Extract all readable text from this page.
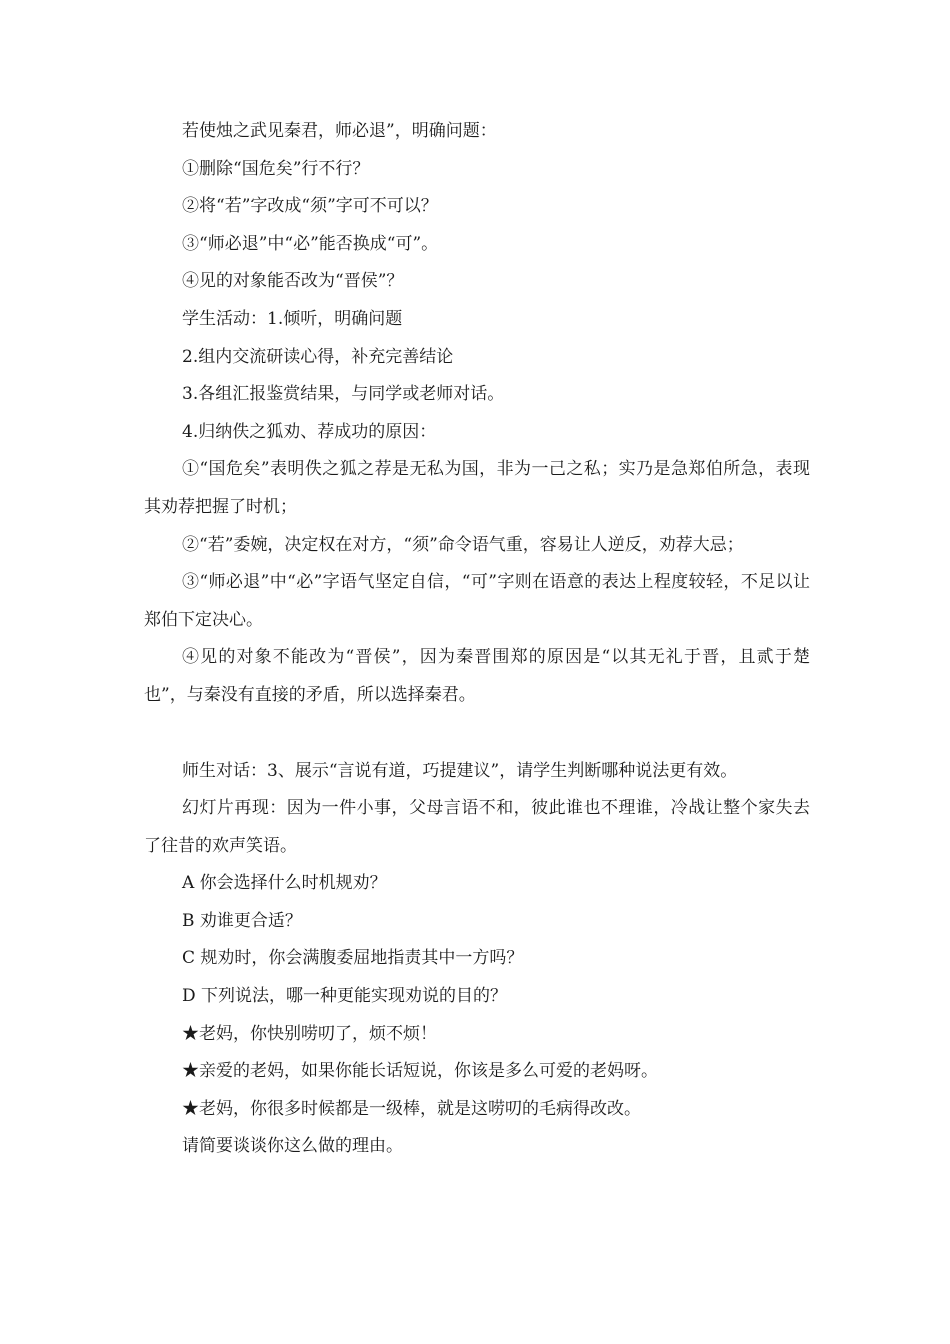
若使烛之武见秦君，师必退”，明确问题：

①删除“国危矣”行不行？

②将“若”字改成“须”字可不可以？

③“师必退”中“必”能否换成“可”。

④见的对象能否改为“晋侯”？

学生活动：1.倾听，明确问题

2.组内交流研读心得，补充完善结论

3.各组汇报鉴赏结果，与同学或老师对话。

4.归纳佚之狐劝、荐成功的原因：

①“国危矣”表明佚之狐之荐是无私为国，非为一己之私；实乃是急郑伯所急，表现其劝荐把握了时机；

②“若”委婉，决定权在对方，“须”命令语气重，容易让人逆反，劝荐大忌；

③“师必退”中“必”字语气坚定自信，“可”字则在语意的表达上程度较轻，不足以让郑伯下定决心。

④见的对象不能改为“晋侯”，因为秦晋围郑的原因是“以其无礼于晋，且贰于楚也”，与秦没有直接的矛盾，所以选择秦君。

师生对话：3、展示“言说有道，巧提建议”，请学生判断哪种说法更有效。

幻灯片再现：因为一件小事，父母言语不和，彼此谁也不理谁，冷战让整个家失去了往昔的欢声笑语。

A 你会选择什么时机规劝？

B 劝谁更合适？

C 规劝时，你会满腹委屈地指责其中一方吗？

D 下列说法，哪一种更能实现劝说的目的？

★老妈，你快别唠叨了，烦不烦！

★亲爱的老妈，如果你能长话短说，你该是多么可爱的老妈呀。

★老妈，你很多时候都是一级棒，就是这唠叨的毛病得改改。

请简要谈谈你这么做的理由。
